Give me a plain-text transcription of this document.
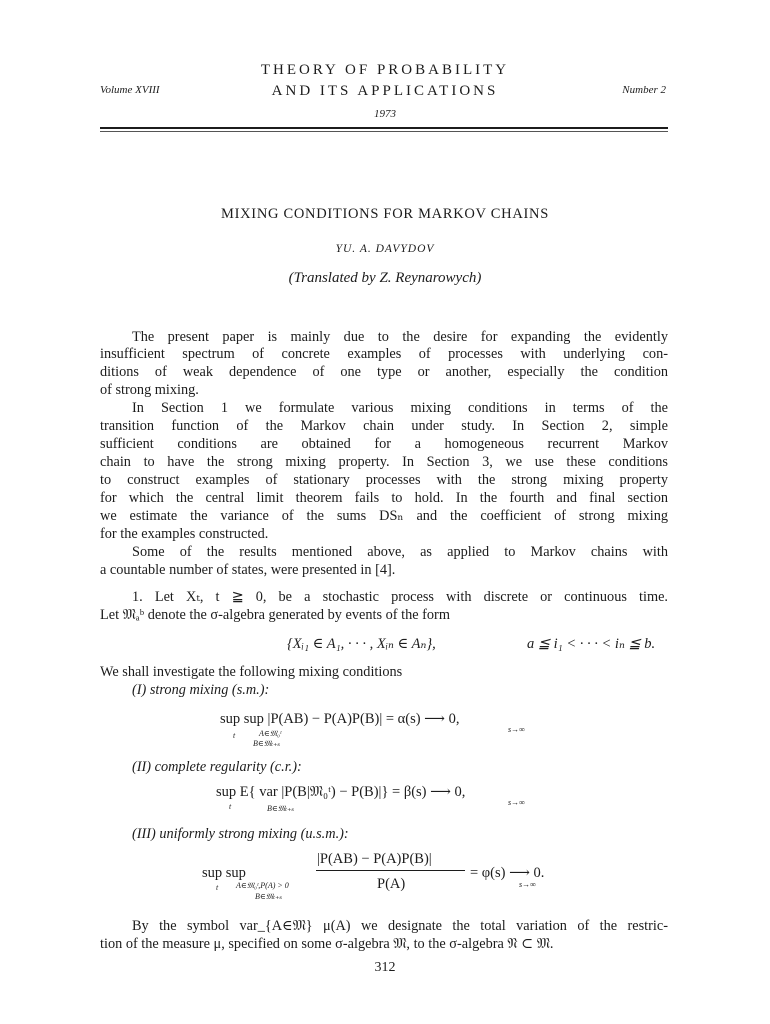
THEORY OF PROBABILITY
AND ITS APPLICATIONS
Volume XVIII	Number 2
1973
MIXING CONDITIONS FOR MARKOV CHAINS
YU. A. DAVYDOV
(Translated by Z. Reynarowych)
The present paper is mainly due to the desire for expanding the evidently
insufficient spectrum of concrete examples of processes with underlying con-
ditions of weak dependence of one type or another, especially the condition
of strong mixing.
In Section 1 we formulate various mixing conditions in terms of the
transition function of the Markov chain under study. In Section 2, simple
sufficient conditions are obtained for a homogeneous recurrent Markov
chain to have the strong mixing property. In Section 3, we use these conditions
to construct examples of stationary processes with the strong mixing property
for which the central limit theorem fails to hold. In the fourth and final section
we estimate the variance of the sums DSₙ and the coefficient of strong mixing
for the examples constructed.
Some of the results mentioned above, as applied to Markov chains with
a countable number of states, were presented in [4].
1. Let Xₜ, t ≧ 0, be a stochastic process with discrete or continuous time.
Let 𝔐ₐᵇ denote the σ-algebra generated by events of the form
{Xᵢ₁ ∈ A₁, · · · , Xᵢₙ ∈ Aₙ},	a ≦ i₁ < · · · < iₙ ≦ b.
We shall investigate the following mixing conditions
(I) strong mixing (s.m.):
sup sup |P(AB) − P(A)P(B)| = α(s) ⟶ 0,
t	A∈𝔐₀ᵗ
B∈𝔐ₜ₊ₛ
s→∞
(II) complete regularity (c.r.):
sup E{ var |P(B|𝔐₀ᵗ) − P(B)|} = β(s) ⟶ 0,
t	B∈𝔐ₜ₊ₛ
s→∞
(III) uniformly strong mixing (u.s.m.):
sup sup
|P(AB) − P(A)P(B)|
P(A)
= φ(s) ⟶ 0.
t A∈𝔐₀ᵗ,P(A) > 0
B∈𝔐ₜ₊ₛ
s→∞
By the symbol var_{A∈𝔐} μ(A) we designate the total variation of the restric-
tion of the measure μ, specified on some σ-algebra 𝔐, to the σ-algebra 𝔑 ⊂ 𝔐.
312
